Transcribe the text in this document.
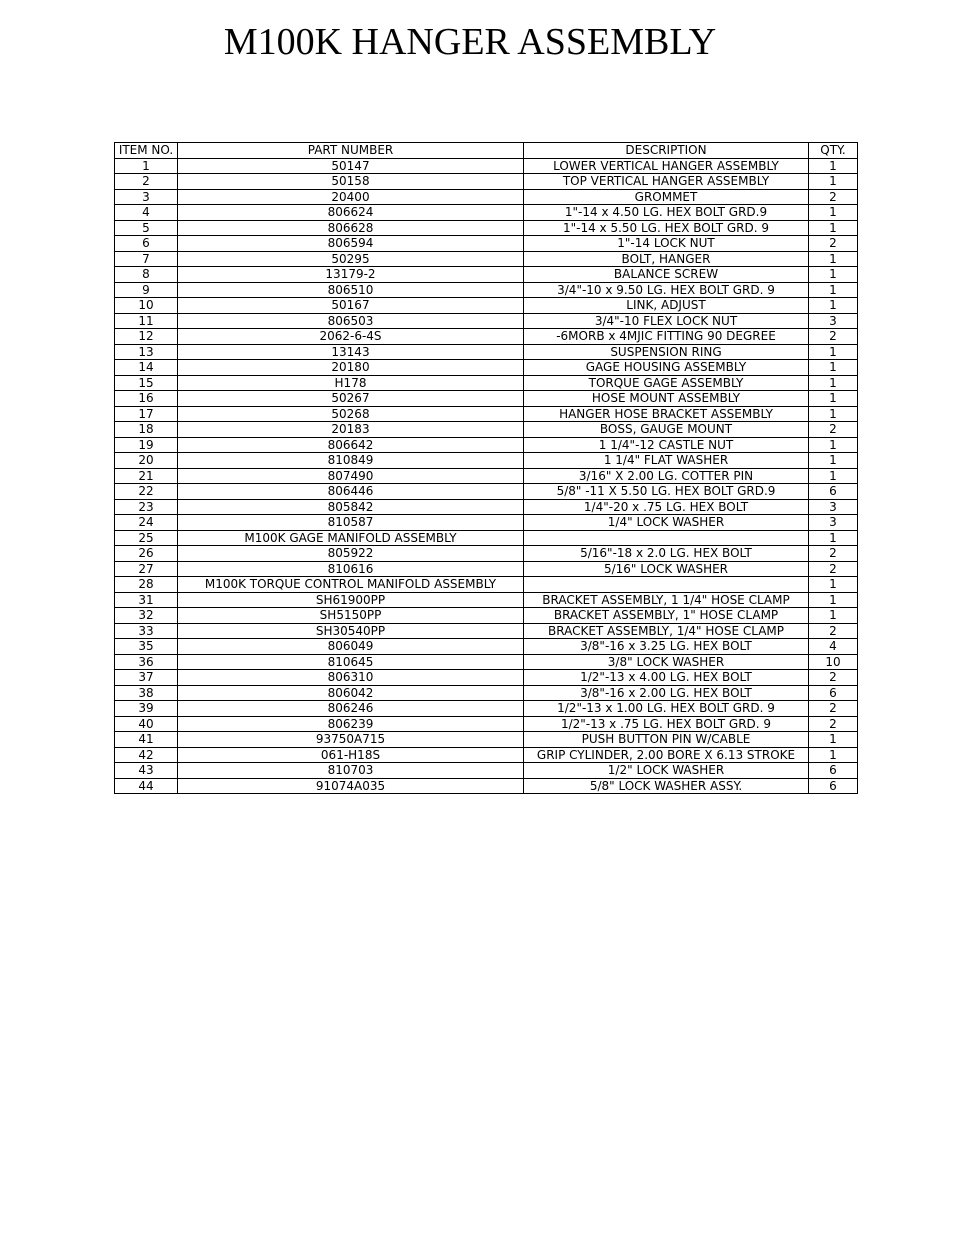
M100K HANGER ASSEMBLY
ITEM NO.	PART NUMBER	DESCRIPTION	QTY.
1	50147	LOWER VERTICAL HANGER ASSEMBLY	1
2	50158	TOP VERTICAL HANGER ASSEMBLY	1
3	20400	GROMMET	2
4	806624	1"-14 x 4.50 LG. HEX BOLT GRD.9	1
5	806628	1"-14 x 5.50 LG. HEX BOLT GRD. 9	1
6	806594	1"-14 LOCK NUT	2
7	50295	BOLT, HANGER	1
8	13179-2	BALANCE SCREW	1
9	806510	3/4"-10 x 9.50 LG. HEX BOLT GRD. 9	1
10	50167	LINK, ADJUST	1
11	806503	3/4"-10 FLEX LOCK NUT	3
12	2062-6-4S	-6MORB x 4MJIC FITTING 90 DEGREE	2
13	13143	SUSPENSION RING	1
14	20180	GAGE HOUSING ASSEMBLY	1
15	H178	TORQUE GAGE ASSEMBLY	1
16	50267	HOSE MOUNT ASSEMBLY	1
17	50268	HANGER HOSE BRACKET ASSEMBLY	1
18	20183	BOSS, GAUGE MOUNT	2
19	806642	1 1/4"-12 CASTLE NUT	1
20	810849	1 1/4" FLAT WASHER	1
21	807490	3/16" X 2.00 LG. COTTER PIN	1
22	806446	5/8" -11 X 5.50 LG. HEX BOLT GRD.9	6
23	805842	1/4"-20 x .75 LG. HEX BOLT	3
24	810587	1/4" LOCK WASHER	3
25	M100K GAGE MANIFOLD ASSEMBLY		1
26	805922	5/16"-18 x 2.0 LG. HEX BOLT	2
27	810616	5/16" LOCK WASHER	2
28	M100K TORQUE CONTROL MANIFOLD ASSEMBLY		1
31	SH61900PP	BRACKET ASSEMBLY, 1 1/4" HOSE CLAMP	1
32	SH5150PP	BRACKET ASSEMBLY, 1" HOSE CLAMP	1
33	SH30540PP	BRACKET ASSEMBLY, 1/4" HOSE CLAMP	2
35	806049	3/8"-16 x 3.25 LG. HEX BOLT	4
36	810645	3/8" LOCK WASHER	10
37	806310	1/2"-13 x 4.00 LG. HEX BOLT	2
38	806042	3/8"-16 x 2.00 LG. HEX BOLT	6
39	806246	1/2"-13 x 1.00 LG. HEX BOLT GRD. 9	2
40	806239	1/2"-13 x .75 LG. HEX BOLT GRD. 9	2
41	93750A715	PUSH BUTTON PIN W/CABLE	1
42	061-H18S	GRIP CYLINDER, 2.00 BORE X 6.13 STROKE	1
43	810703	1/2" LOCK WASHER	6
44	91074A035	5/8" LOCK WASHER ASSY.	6
